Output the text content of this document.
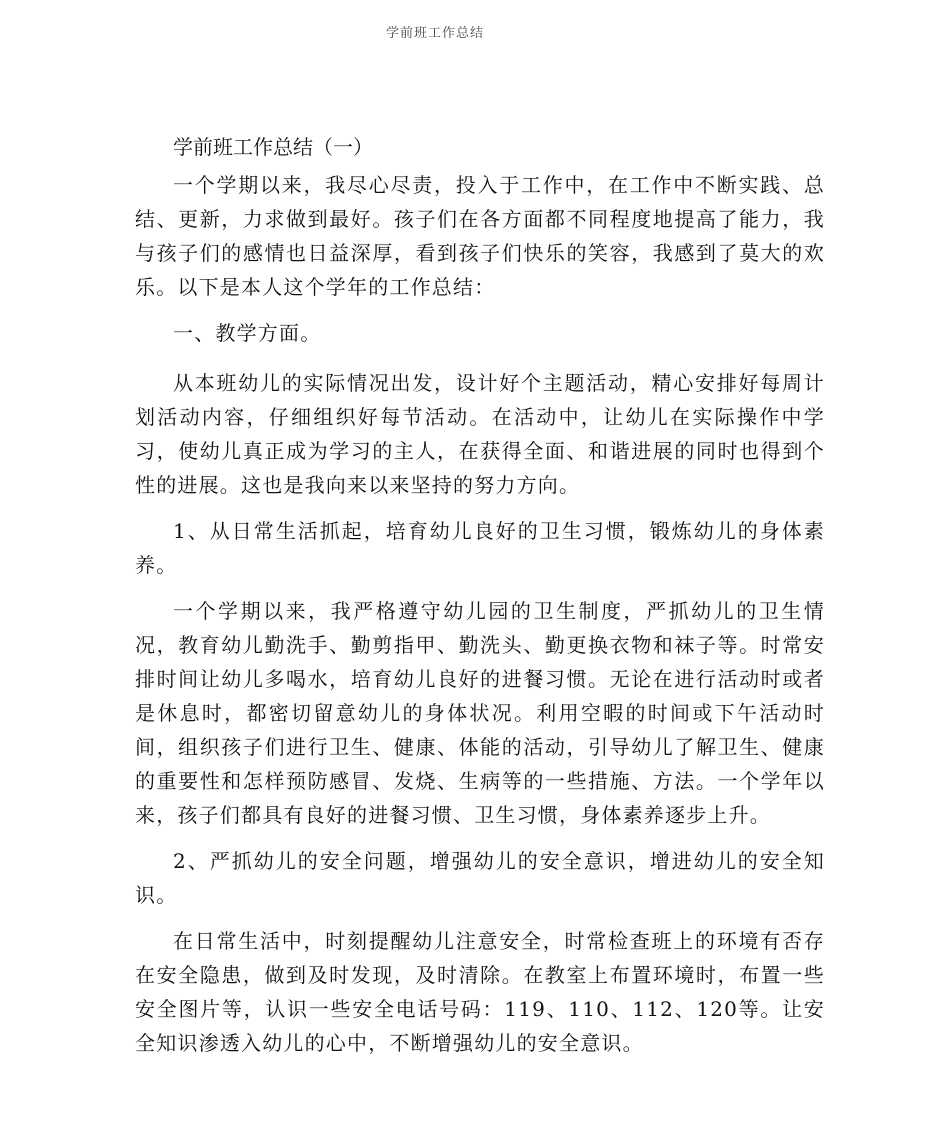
学前班工作总结
学前班工作总结（一）

一个学期以来，我尽心尽责，投入于工作中，在工作中不断实践、总结、更新，力求做到最好。孩子们在各方面都不同程度地提高了能力，我与孩子们的感情也日益深厚，看到孩子们快乐的笑容，我感到了莫大的欢乐。以下是本人这个学年的工作总结：

一、教学方面。

从本班幼儿的实际情况出发，设计好个主题活动，精心安排好每周计划活动内容，仔细组织好每节活动。在活动中，让幼儿在实际操作中学习，使幼儿真正成为学习的主人，在获得全面、和谐进展的同时也得到个性的进展。这也是我向来以来坚持的努力方向。

1、从日常生活抓起，培育幼儿良好的卫生习惯，锻炼幼儿的身体素养。

一个学期以来，我严格遵守幼儿园的卫生制度，严抓幼儿的卫生情况，教育幼儿勤洗手、勤剪指甲、勤洗头、勤更换衣物和袜子等。时常安排时间让幼儿多喝水，培育幼儿良好的进餐习惯。无论在进行活动时或者是休息时，都密切留意幼儿的身体状况。利用空暇的时间或下午活动时间，组织孩子们进行卫生、健康、体能的活动，引导幼儿了解卫生、健康的重要性和怎样预防感冒、发烧、生病等的一些措施、方法。一个学年以来，孩子们都具有良好的进餐习惯、卫生习惯，身体素养逐步上升。

2、严抓幼儿的安全问题，增强幼儿的安全意识，增进幼儿的安全知识。

在日常生活中，时刻提醒幼儿注意安全，时常检查班上的环境有否存在安全隐患，做到及时发现，及时清除。在教室上布置环境时，布置一些安全图片等，认识一些安全电话号码：119、110、112、120等。让安全知识渗透入幼儿的心中，不断增强幼儿的安全意识。
